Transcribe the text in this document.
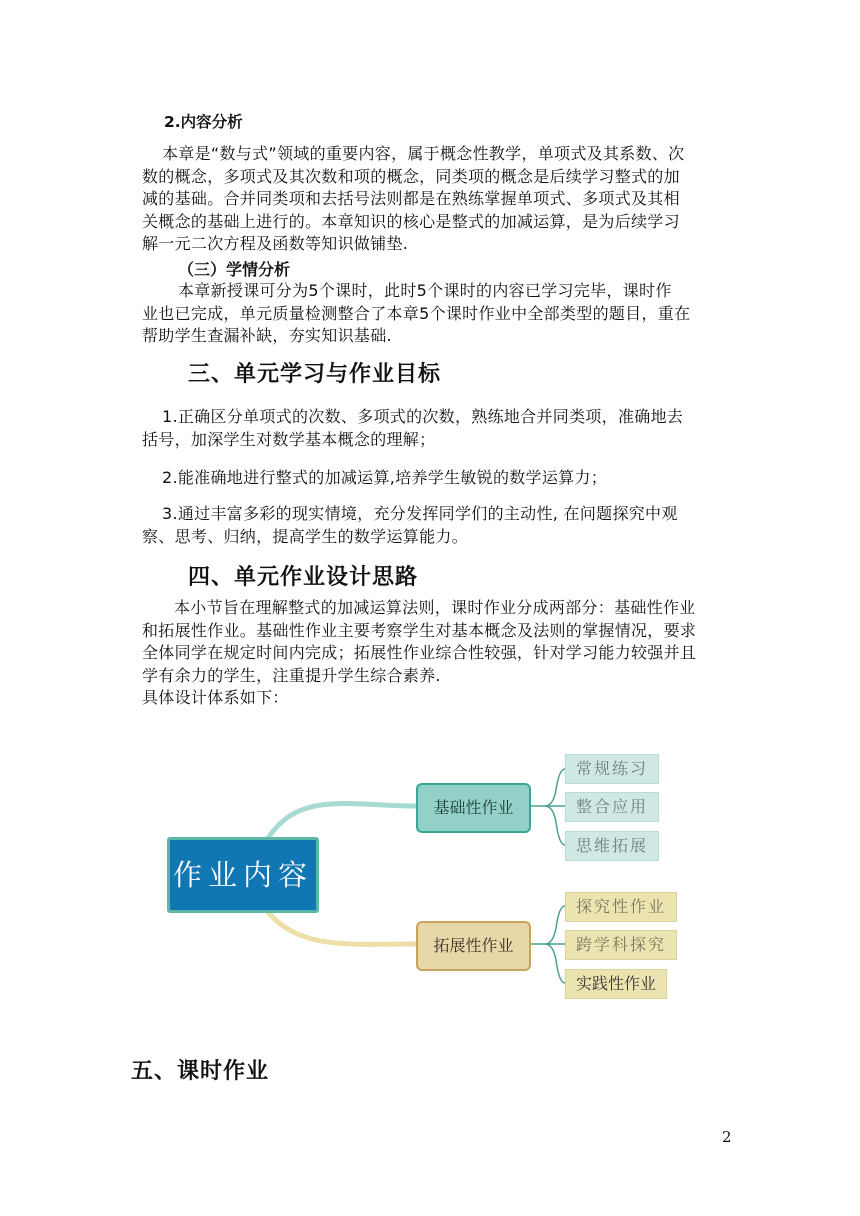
2.内容分析
本章是“数与式”领域的重要内容，属于概念性教学，单项式及其系数、次
数的概念，多项式及其次数和项的概念，同类项的概念是后续学习整式的加
减的基础。合并同类项和去括号法则都是在熟练掌握单项式、多项式及其相
关概念的基础上进行的。本章知识的核心是整式的加减运算，是为后续学习
解一元二次方程及函数等知识做铺垫.
（三）学情分析
本章新授课可分为5个课时，此时5个课时的内容已学习完毕，课时作
业也已完成，单元质量检测整合了本章5个课时作业中全部类型的题目，重在
帮助学生查漏补缺，夯实知识基础.
三、单元学习与作业目标
1.正确区分单项式的次数、多项式的次数，熟练地合并同类项，准确地去
括号，加深学生对数学基本概念的理解；
2.能准确地进行整式的加减运算,培养学生敏锐的数学运算力；
3.通过丰富多彩的现实情境，充分发挥同学们的主动性, 在问题探究中观
察、思考、归纳，提高学生的数学运算能力。
四、单元作业设计思路
本小节旨在理解整式的加减运算法则，课时作业分成两部分：基础性作业
和拓展性作业。基础性作业主要考察学生对基本概念及法则的掌握情况，要求
全体同学在规定时间内完成；拓展性作业综合性较强，针对学习能力较强并且
学有余力的学生，注重提升学生综合素养.
具体设计体系如下：
作业内容
基础性作业
拓展性作业
常规练习
整合应用
思维拓展
探究性作业
跨学科探究
实践性作业
五、课时作业
2
